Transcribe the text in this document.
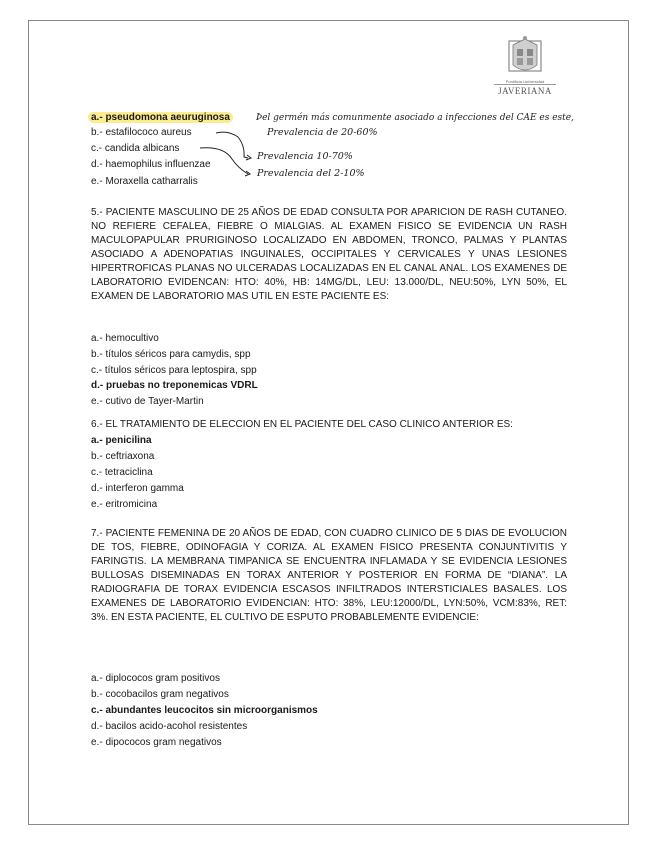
Pontificia Universidad
JAVERIANA
a.- pseudomona aeuruginosa
b.- estafilococo aureus
c.- candida albicans
d.- haemophilus influenzae
e.- Moraxella catharralis
Þel germén más comunmente asociado a infecciones del CAE es este,
Prevalencia de 20-60%
Prevalencia 10-70%
Prevalencia del 2-10%

5.- PACIENTE MASCULINO DE 25 AÑOS DE EDAD CONSULTA POR APARICION DE RASH CUTANEO. NO REFIERE CEFALEA, FIEBRE O MIALGIAS. AL EXAMEN FISICO SE EVIDENCIA UN RASH MACULOPAPULAR PRURIGINOSO LOCALIZADO EN ABDOMEN, TRONCO, PALMAS Y PLANTAS ASOCIADO A ADENOPATIAS INGUINALES, OCCIPITALES Y CERVICALES Y UNAS LESIONES HIPERTROFICAS PLANAS NO ULCERADAS LOCALIZADAS EN EL CANAL ANAL. LOS EXAMENES DE LABORATORIO EVIDENCAN: HTO: 40%, HB: 14MG/DL, LEU: 13.000/DL, NEU:50%, LYN 50%, EL EXAMEN DE LABORATORIO MAS UTIL EN ESTE PACIENTE ES:

a.- hemocultivo
b.- títulos séricos para camydis, spp
c.- títulos séricos para leptospira, spp
d.- pruebas no treponemicas VDRL
e.- cutivo de Tayer-Martin
6.- EL TRATAMIENTO DE ELECCION EN EL PACIENTE DEL CASO CLINICO ANTERIOR ES:
a.- penicilina
b.- ceftriaxona
c.- tetraciclina
d.- interferon gamma
e.- eritromicina

7.- PACIENTE FEMENINA DE 20 AÑOS DE EDAD, CON CUADRO CLINICO DE 5 DIAS DE EVOLUCION DE TOS, FIEBRE, ODINOFAGIA Y CORIZA. AL EXAMEN FISICO PRESENTA CONJUNTIVITIS Y FARINGTIS. LA MEMBRANA TIMPANICA SE ENCUENTRA INFLAMADA Y SE EVIDENCIA LESIONES BULLOSAS DISEMINADAS EN TORAX ANTERIOR Y POSTERIOR EN FORMA DE “DIANA”. LA RADIOGRAFIA DE TORAX EVIDENCIA ESCASOS INFILTRADOS INTERSTICIALES BASALES. LOS EXAMENES DE LABORATORIO EVIDENCIAN: HTO: 38%, LEU:12000/DL, LYN:50%, VCM:83%, RET: 3%. EN ESTA PACIENTE, EL CULTIVO DE ESPUTO PROBABLEMENTE EVIDENCIE:

a.- diplococos gram positivos
b.- cocobacilos gram negativos
c.- abundantes leucocitos sin microorganismos
d.- bacilos acido-acohol resistentes
e.- dipococos gram negativos
